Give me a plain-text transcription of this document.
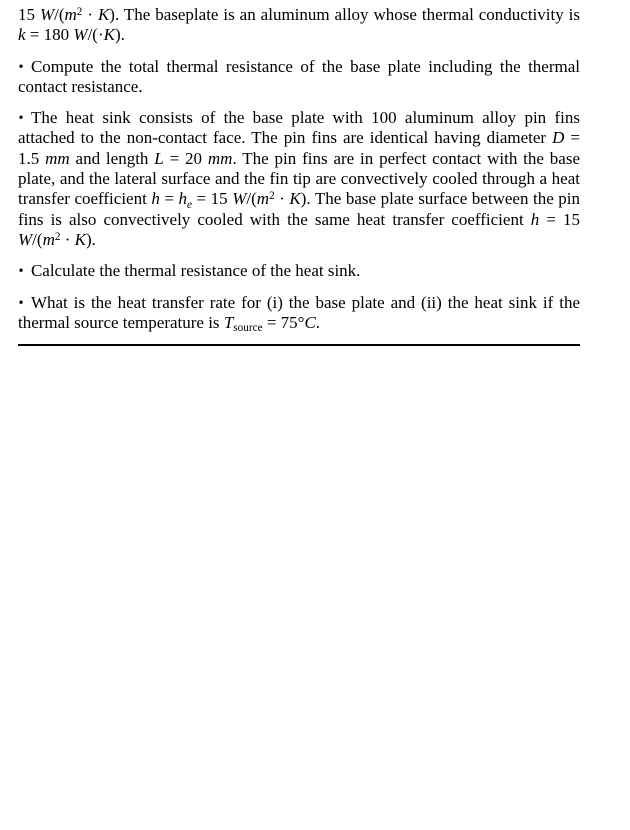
15 $W/(m^2 \cdot K)$. The baseplate is an aluminum alloy whose thermal conductivity is k = 180 W/(·K).

• Compute the total thermal resistance of the base plate including the thermal contact resistance.

• The heat sink consists of the base plate with 100 aluminum alloy pin fins attached to the non-contact face. The pin fins are identical having diameter D = 1.5 mm and length L = 20 mm. The pin fins are in perfect contact with the base plate, and the lateral surface and the fin tip are convectively cooled through a heat transfer coefficient h = he = 15 $W/(m^2 \cdot K)$. The base plate surface between the pin fins is also convectively cooled with the same heat transfer coefficient h = 15 $W/(m^2 \cdot K)$.

• Calculate the thermal resistance of the heat sink.

• What is the heat transfer rate for (i) the base plate and (ii) the heat sink if the thermal source temperature is Tsource = 75°C.
